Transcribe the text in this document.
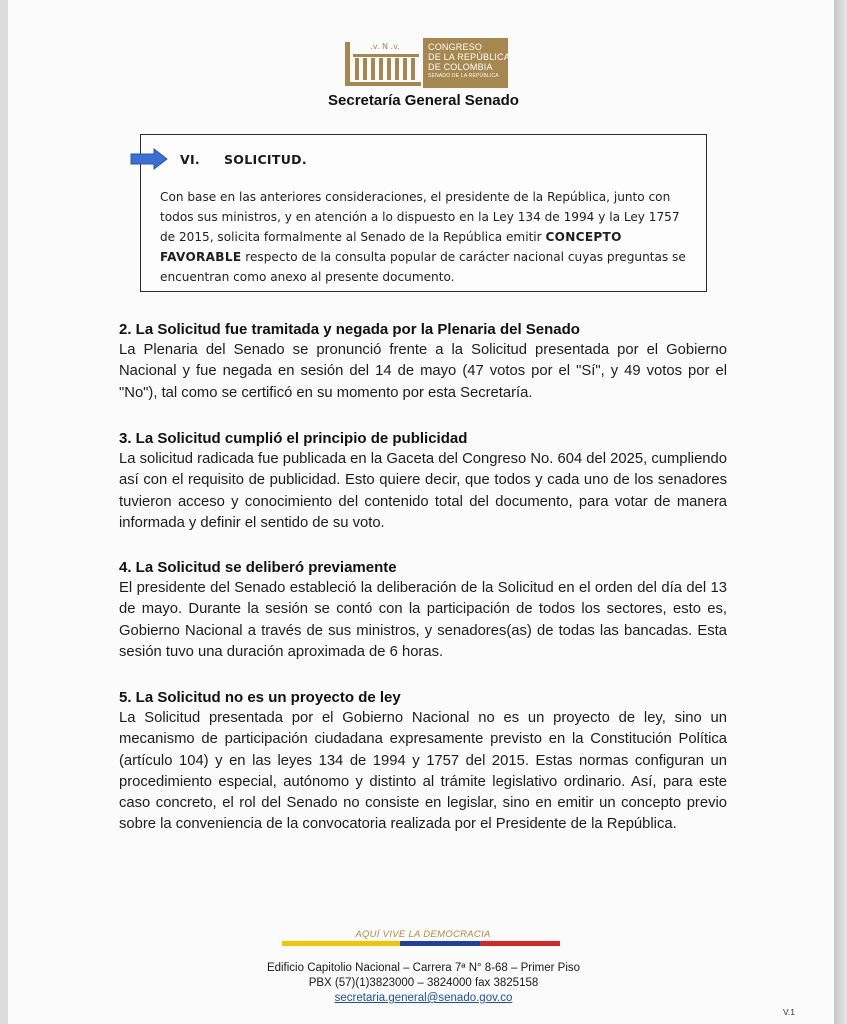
.v. N .v.	CONGRESO
DE LA REPÚBLICA
DE COLOMBIA
SENADO DE LA REPÚBLICA
Secretaría General Senado
VI. SOLICITUD.
Con base en las anteriores consideraciones, el presidente de la República, junto con todos sus ministros, y en atención a lo dispuesto en la Ley 134 de 1994 y la Ley 1757 de 2015, solicita formalmente al Senado de la República emitir CONCEPTO FAVORABLE respecto de la consulta popular de carácter nacional cuyas preguntas se encuentran como anexo al presente documento.
2. La Solicitud fue tramitada y negada por la Plenaria del Senado
La Plenaria del Senado se pronunció frente a la Solicitud presentada por el Gobierno Nacional y fue negada en sesión del 14 de mayo (47 votos por el "Sí", y 49 votos por el "No"), tal como se certificó en su momento por esta Secretaría.
3. La Solicitud cumplió el principio de publicidad
La solicitud radicada fue publicada en la Gaceta del Congreso No. 604 del 2025, cumpliendo así con el requisito de publicidad. Esto quiere decir, que todos y cada uno de los senadores tuvieron acceso y conocimiento del contenido total del documento, para votar de manera informada y definir el sentido de su voto.
4. La Solicitud se deliberó previamente
El presidente del Senado estableció la deliberación de la Solicitud en el orden del día del 13 de mayo. Durante la sesión se contó con la participación de todos los sectores, esto es, Gobierno Nacional a través de sus ministros, y senadores(as) de todas las bancadas. Esta sesión tuvo una duración aproximada de 6 horas.
5. La Solicitud no es un proyecto de ley
La Solicitud presentada por el Gobierno Nacional no es un proyecto de ley, sino un mecanismo de participación ciudadana expresamente previsto en la Constitución Política (artículo 104) y en las leyes 134 de 1994 y 1757 del 2015. Estas normas configuran un procedimiento especial, autónomo y distinto al trámite legislativo ordinario. Así, para este caso concreto, el rol del Senado no consiste en legislar, sino en emitir un concepto previo sobre la conveniencia de la convocatoria realizada por el Presidente de la República.
AQUÍ VIVE LA DEMOCRACIA
Edificio Capitolio Nacional – Carrera 7ª N° 8-68 – Primer Piso
PBX (57)(1)3823000 – 3824000 fax 3825158
secretaria.general@senado.gov.co
V.1
